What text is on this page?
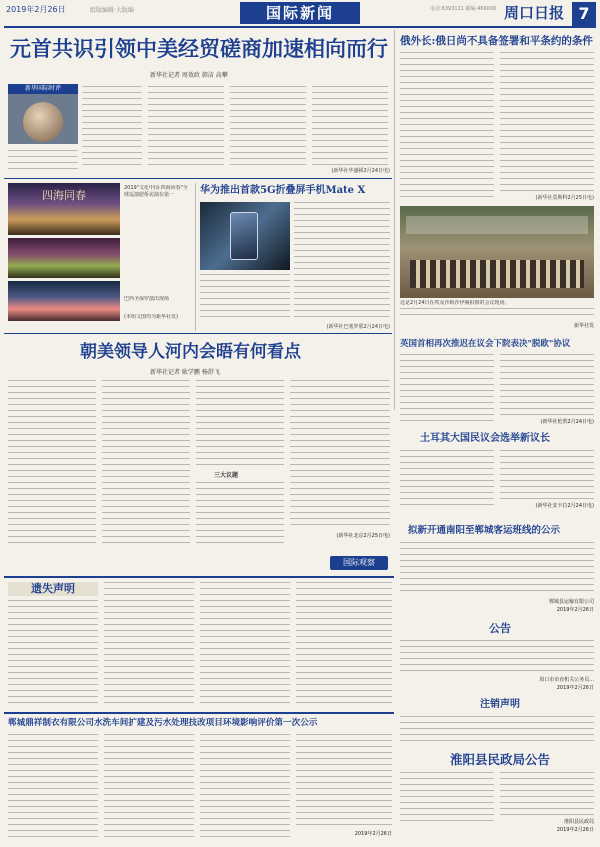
2019年2月26日	组版编辑·大版编	国际新闻	电话:6393121 邮编:466000 周口日报 7
元首共识引领中美经贸磋商加速相向而行
新华社记者 周效政 韩洁 高攀
新华国际时评
(新华社华盛顿2月24日电)
俄外长:俄日尚不具备签署和平条约的条件
(新华社莫斯科2月25日电)
四海同春
2019"文化中国·四海同春"全球巡演慰侨访演在第一
巴西圣保罗演出现场
(本组文图均为新华社发)
华为推出首款5G折叠屏手机Mate X
(新华社巴塞罗那2月24日电)
这是2月24日在埃及沙姆沙伊赫拍摄的会议现场。
新华社发
朝美领导人河内会晤有何看点
新华社记者 耿学鹏 杨舒飞
三大议题
(新华社北京2月25日电)
国际观察
英国首相再次推迟在议会下院表决"脱欧"协议
(新华社伦敦2月24日电)
土耳其大国民议会选举新议长
(新华社安卡拉2月24日电)
拟新开通南阳至郸城客运班线的公示
郸城县运输有限公司
2019年2月26日
遗失声明
公告
周口市市直机关公务员...
2019年2月26日
注销声明
郸城鼎祥制衣有限公司水洗车间扩建及污水处理技改项目环境影响评价第一次公示
2019年2月26日
淮阳县民政局公告
淮阳县民政局
2019年2月26日
